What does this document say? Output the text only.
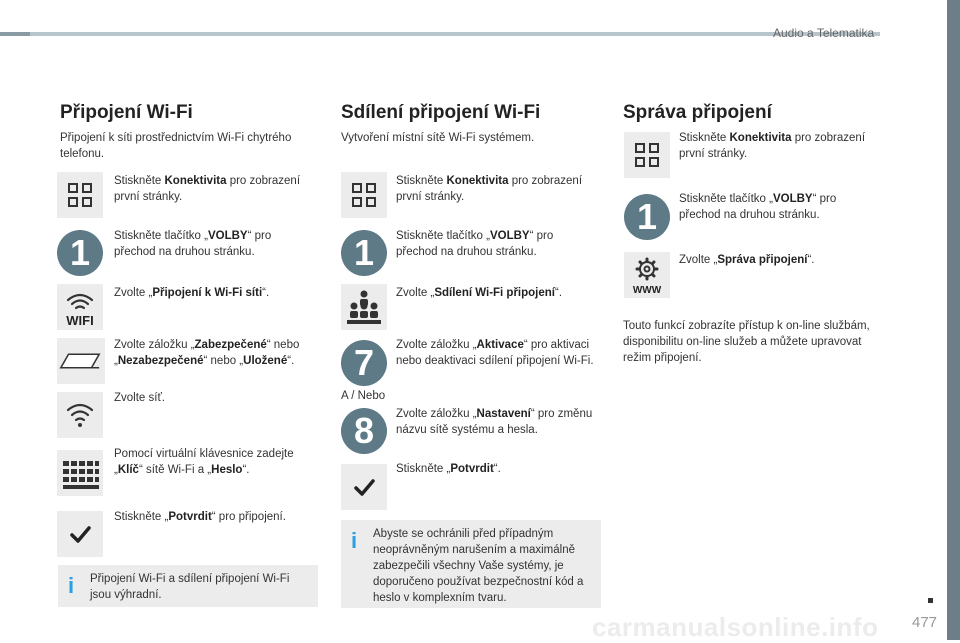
Audio a Telematika
carmanualsonline.info 477
Připojení Wi-Fi
Připojení k síti prostřednictvím Wi-Fi chytrého telefonu.
Stiskněte Konektivita pro zobrazení první stránky.
1	Stiskněte tlačítko „VOLBY“ pro přechod na druhou stránku.
WIFI
Zvolte „Připojení k Wi-Fi síti“.
Zvolte záložku „Zabezpečené“ nebo „Nezabezpečené“ nebo „Uložené“.
Zvolte síť.
Pomocí virtuální klávesnice zadejte „Klíč“ sítě Wi-Fi a „Heslo“.
Stiskněte „Potvrdit“ pro připojení.
i Připojení Wi-Fi a sdílení připojení Wi-Fi jsou výhradní.
Sdílení připojení Wi-Fi
Vytvoření místní sítě Wi-Fi systémem.
Stiskněte Konektivita pro zobrazení první stránky.
1	Stiskněte tlačítko „VOLBY“ pro přechod na druhou stránku.
Zvolte „Sdílení Wi-Fi připojení“.
7	Zvolte záložku „Aktivace“ pro aktivaci nebo deaktivaci sdílení připojení Wi-Fi.
A / Nebo
8	Zvolte záložku „Nastavení“ pro změnu názvu sítě systému a hesla.
Stiskněte „Potvrdit“.
i Abyste se ochránili před případným neoprávněným narušením a maximálně zabezpečili všechny Vaše systémy, je doporučeno používat bezpečnostní kód a heslo v komplexním tvaru.
Správa připojení
Stiskněte Konektivita pro zobrazení první stránky.
1	Stiskněte tlačítko „VOLBY“ pro přechod na druhou stránku.
WWW
Zvolte „Správa připojení“.
Touto funkcí zobrazíte přístup k on-line službám, disponibilitu on-line služeb a můžete upravovat režim připojení.
